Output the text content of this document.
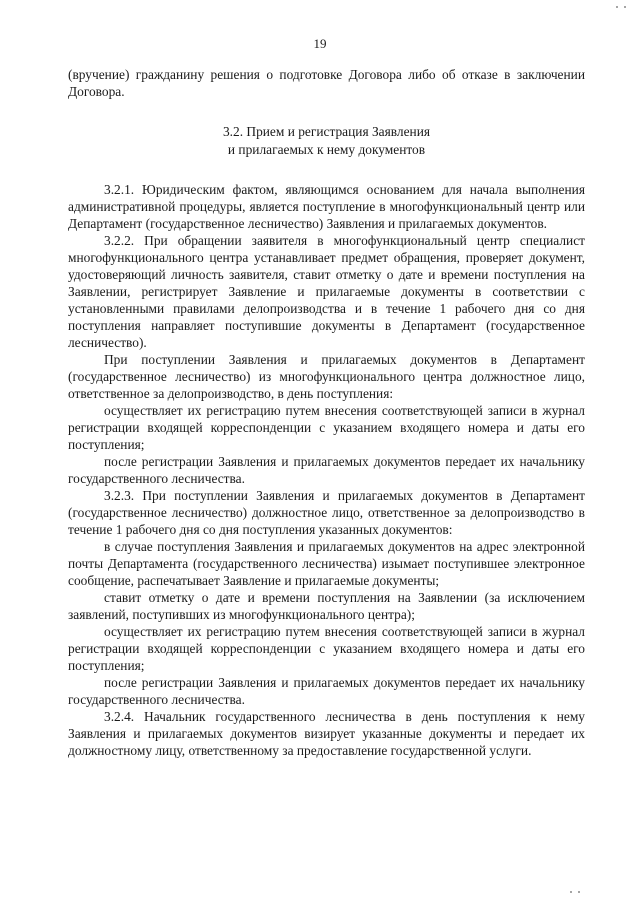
19

(вручение) гражданину решения о подготовке Договора либо об отказе в заключении Договора.

3.2. Прием и регистрация Заявления
и прилагаемых к нему документов

3.2.1. Юридическим фактом, являющимся основанием для начала выполнения административной процедуры, является поступление в многофункциональный центр или Департамент (государственное лесничество) Заявления и прилагаемых документов.

3.2.2. При обращении заявителя в многофункциональный центр специалист многофункционального центра устанавливает предмет обращения, проверяет документ, удостоверяющий личность заявителя, ставит отметку о дате и времени поступления на Заявлении, регистрирует Заявление и прилагаемые документы в соответствии с установленными правилами делопроизводства и в течение 1 рабочего дня со дня поступления направляет поступившие документы в Департамент (государственное лесничество).

При поступлении Заявления и прилагаемых документов в Департамент (государственное лесничество) из многофункционального центра должностное лицо, ответственное за делопроизводство, в день поступления:

осуществляет их регистрацию путем внесения соответствующей записи в журнал регистрации входящей корреспонденции с указанием входящего номера и даты его поступления;

после регистрации Заявления и прилагаемых документов передает их начальнику государственного лесничества.

3.2.3. При поступлении Заявления и прилагаемых документов в Департамент (государственное лесничество) должностное лицо, ответственное за делопроизводство в течение 1 рабочего дня со дня поступления указанных документов:

в случае поступления Заявления и прилагаемых документов на адрес электронной почты Департамента (государственного лесничества) изымает поступившее электронное сообщение, распечатывает Заявление и прилагаемые документы;

ставит отметку о дате и времени поступления на Заявлении (за исключением заявлений, поступивших из многофункционального центра);

осуществляет их регистрацию путем внесения соответствующей записи в журнал регистрации входящей корреспонденции с указанием входящего номера и даты его поступления;

после регистрации Заявления и прилагаемых документов передает их начальнику государственного лесничества.

3.2.4. Начальник государственного лесничества в день поступления к нему Заявления и прилагаемых документов визирует указанные документы и передает их должностному лицу, ответственному за предоставление государственной услуги.
